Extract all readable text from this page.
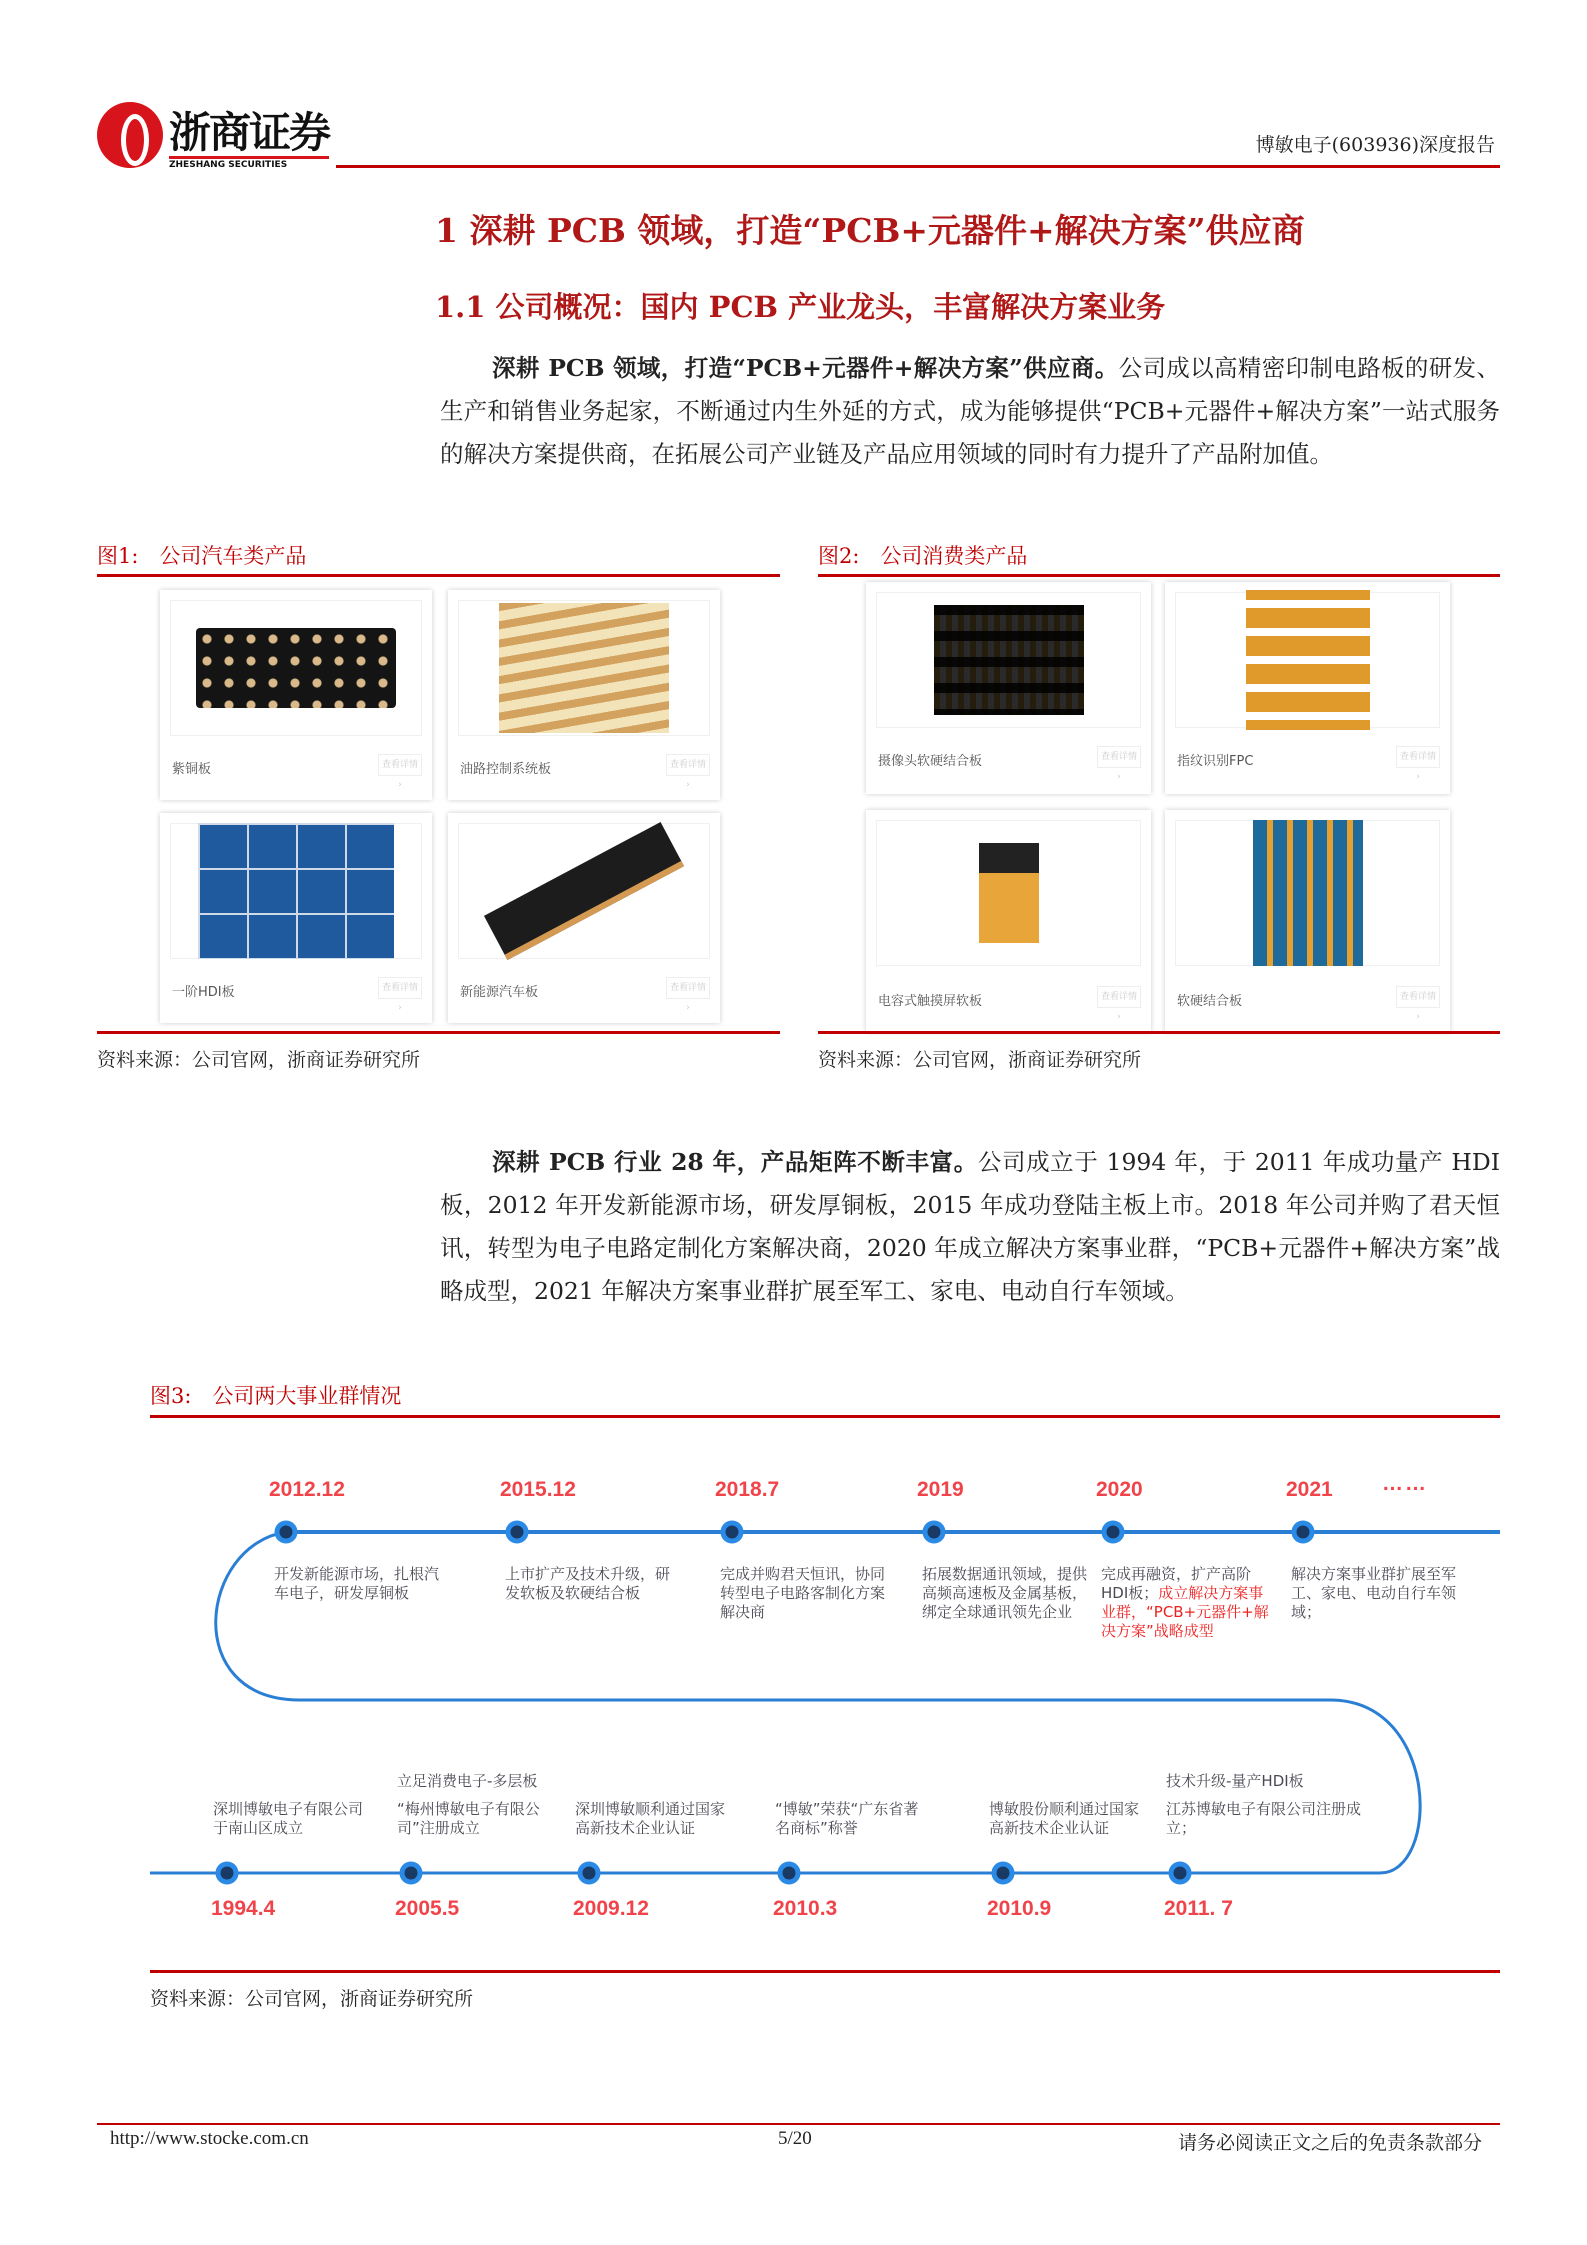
浙商证券
ZHESHANG SECURITIES
博敏电子(603936)深度报告
1 深耕 PCB 领域，打造“PCB+元器件+解决方案”供应商
1.1 公司概况：国内 PCB 产业龙头，丰富解决方案业务

深耕 PCB 领域，打造“PCB+元器件+解决方案”供应商。公司成以高精密印制电路板的研发、生产和销售业务起家，不断通过内生外延的方式，成为能够提供“PCB+元器件+解决方案”一站式服务的解决方案提供商，在拓展公司产业链及产品应用领域的同时有力提升了产品附加值。

图1:　公司汽车类产品
紫铜板	查看详情 ›
油路控制系统板	查看详情 ›
一阶HDI板	查看详情 ›
新能源汽车板	查看详情 ›
资料来源：公司官网，浙商证券研究所
图2:　公司消费类产品
摄像头软硬结合板	查看详情 ›
指纹识别FPC	查看详情 ›
电容式触摸屏软板	查看详情 ›
软硬结合板	查看详情 ›
资料来源：公司官网，浙商证券研究所

深耕 PCB 行业 28 年，产品矩阵不断丰富。公司成立于 1994 年，于 2011 年成功量产 HDI 板，2012 年开发新能源市场，研发厚铜板，2015 年成功登陆主板上市。2018 年公司并购了君天恒讯，转型为电子电路定制化方案解决商，2020 年成立解决方案事业群，“PCB+元器件+解决方案”战略成型，2021 年解决方案事业群扩展至军工、家电、电动自行车领域。

图3:　公司两大事业群情况
2012.12
开发新能源市场，扎根汽车电子，研发厚铜板
2015.12
上市扩产及技术升级，研发软板及软硬结合板
2018.7
完成并购君天恒讯，协同转型电子电路客制化方案解决商
2019
拓展数据通讯领域，提供高频高速板及金属基板，绑定全球通讯领先企业
2020
完成再融资，扩产高阶HDI板；成立解决方案事业群，“PCB+元器件+解决方案”战略成型
2021
解决方案事业群扩展至军工、家电、电动自行车领域；
……
1994.4
深圳博敏电子有限公司于南山区成立
2005.5
“梅州博敏电子有限公司”注册成立
立足消费电子-多层板
2009.12
深圳博敏顺利通过国家高新技术企业认证
2010.3
“博敏”荣获“广东省著名商标”称誉
2010.9
博敏股份顺利通过国家高新技术企业认证
2011. 7
江苏博敏电子有限公司注册成立；
技术升级-量产HDI板
资料来源：公司官网，浙商证券研究所
http://www.stocke.com.cn	5/20	请务必阅读正文之后的免责条款部分
